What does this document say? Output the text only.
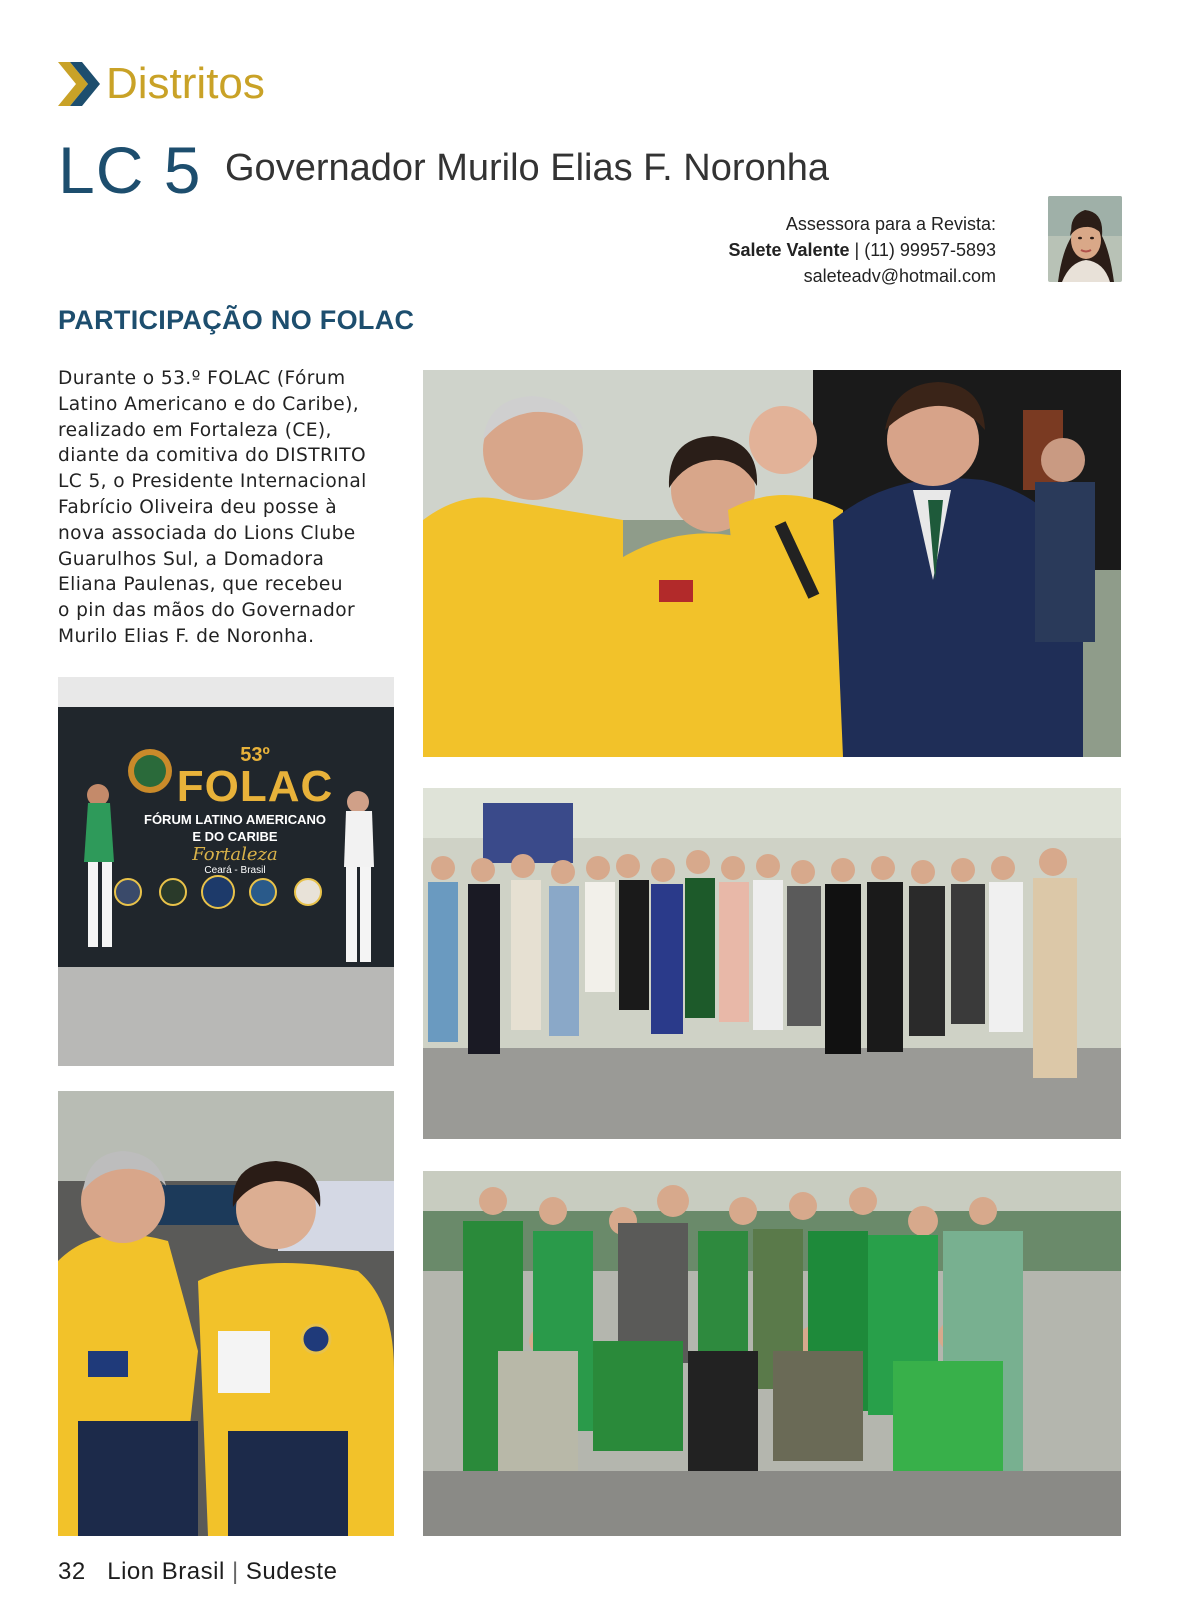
Distritos
LC 5 Governador Murilo Elias F. Noronha
Assessora para a Revista:
Salete Valente | (11) 99957-5893
saleteadv@hotmail.com
PARTICIPAÇÃO NO FOLAC
Durante o 53.º FOLAC (Fórum
Latino Americano e do Caribe),
realizado em Fortaleza (CE),
diante da comitiva do DISTRITO
LC 5, o Presidente Internacional
Fabrício Oliveira deu posse à
nova associada do Lions Clube
Guarulhos Sul, a Domadora
Eliana Paulenas, que recebeu
o pin das mãos do Governador
Murilo Elias F. de Noronha.
53º
FOLAC
FÓRUM LATINO AMERICANO
E DO CARIBE
Fortaleza
Ceará - Brasil
32 Lion Brasil | Sudeste
